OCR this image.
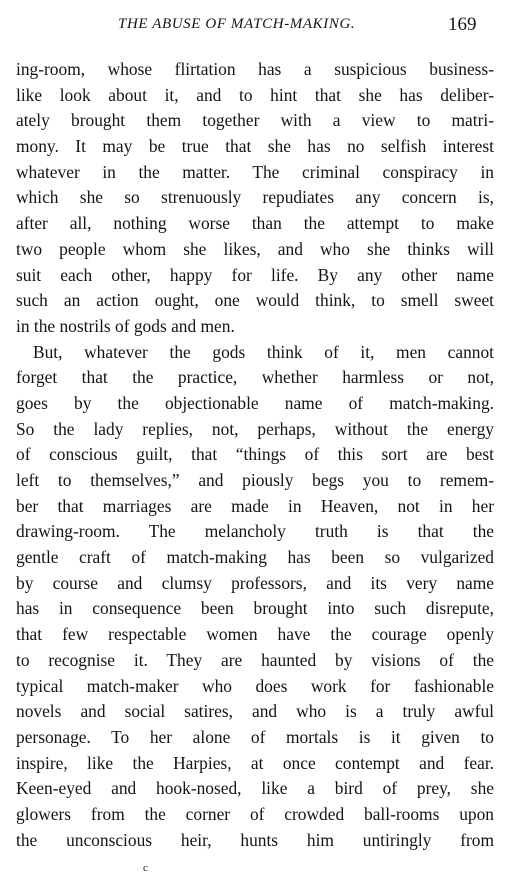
THE ABUSE OF MATCH-MAKING.	169
ing-room, whose flirtation has a suspicious business-
like look about it, and to hint that she has deliber-
ately brought them together with a view to matri-
mony. It may be true that she has no selfish interest
whatever in the matter. The criminal conspiracy in
which she so strenuously repudiates any concern is,
after all, nothing worse than the attempt to make
two people whom she likes, and who she thinks will
suit each other, happy for life. By any other name
such an action ought, one would think, to smell sweet
in the nostrils of gods and men.
But, whatever the gods think of it, men cannot
forget that the practice, whether harmless or not,
goes by the objectionable name of match-making.
So the lady replies, not, perhaps, without the energy
of conscious guilt, that “things of this sort are best
left to themselves,” and piously begs you to remem-
ber that marriages are made in Heaven, not in her
drawing-room. The melancholy truth is that the
gentle craft of match-making has been so vulgarized
by course and clumsy professors, and its very name
has in consequence been brought into such disrepute,
that few respectable women have the courage openly
to recognise it. They are haunted by visions of the
typical match-maker who does work for fashionable
novels and social satires, and who is a truly awful
personage. To her alone of mortals is it given to
inspire, like the Harpies, at once contempt and fear.
Keen-eyed and hook-nosed, like a bird of prey, she
glowers from the corner of crowded ball-rooms upon
the unconscious heir, hunts him untiringly from
c
